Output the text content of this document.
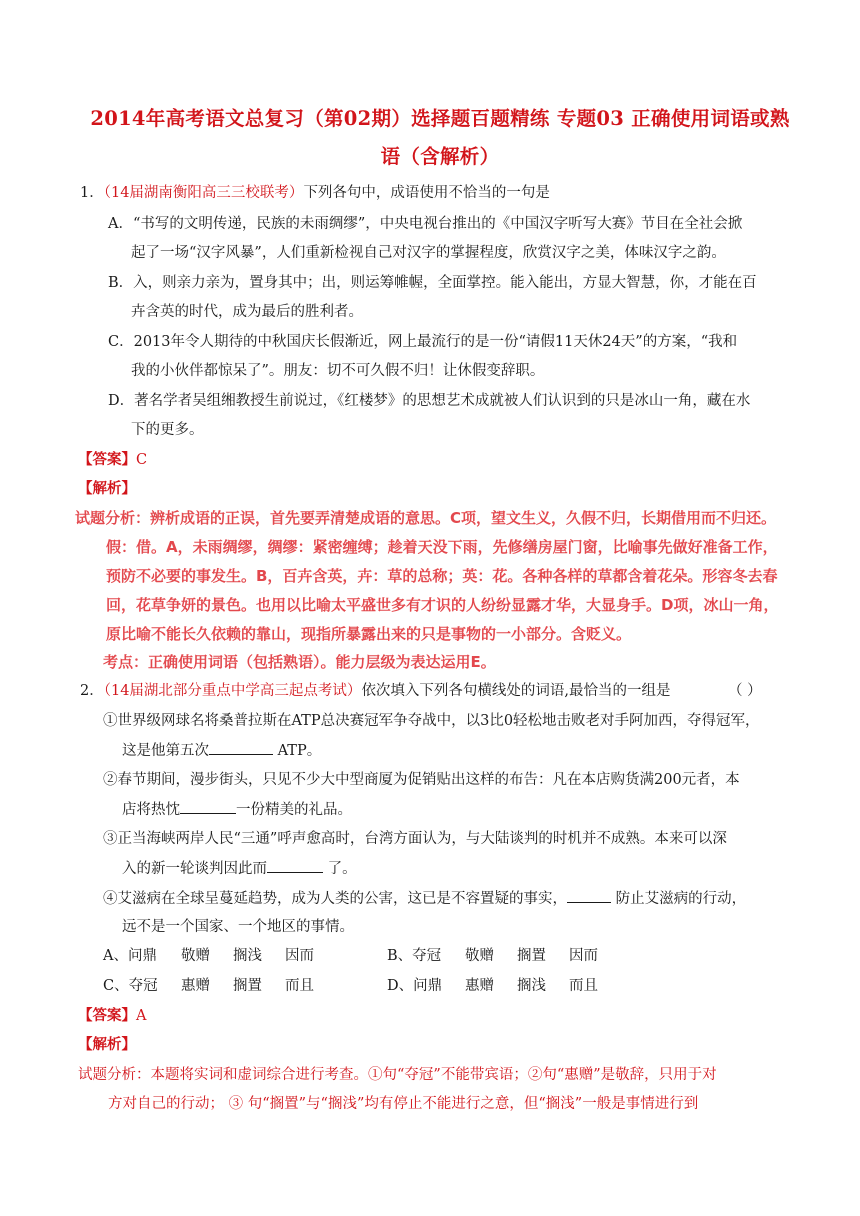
2014年高考语文总复习（第02期）选择题百题精练 专题03 正确使用词语或熟
语（含解析）
1．（14届湖南衡阳高三三校联考）下列各句中，成语使用不恰当的一句是
A．“书写的文明传递，民族的未雨绸缪”，中央电视台推出的《中国汉字听写大赛》节目在全社会掀
起了一场“汉字风暴”，人们重新检视自己对汉字的掌握程度，欣赏汉字之美，体味汉字之韵。
B．入，则亲力亲为，置身其中；出，则运筹帷幄，全面掌控。能入能出，方显大智慧，你，才能在百
卉含英的时代，成为最后的胜利者。
C．2013年令人期待的中秋国庆长假渐近，网上最流行的是一份“请假11天休24天”的方案，“我和
我的小伙伴都惊呆了”。朋友：切不可久假不归！让休假变辞职。
D．著名学者吴组缃教授生前说过，《红楼梦》的思想艺术成就被人们认识到的只是冰山一角，藏在水
下的更多。
【答案】C
【解析】
试题分析：辨析成语的正误，首先要弄清楚成语的意思。C项，望文生义，久假不归，长期借用而不归还。
假：借。A，未雨绸缪，绸缪：紧密缠缚；趁着天没下雨，先修缮房屋门窗，比喻事先做好准备工作，
预防不必要的事发生。B，百卉含英，卉：草的总称；英：花。各种各样的草都含着花朵。形容冬去春
回，花草争妍的景色。也用以比喻太平盛世多有才识的人纷纷显露才华，大显身手。D项，冰山一角，
原比喻不能长久依赖的靠山，现指所暴露出来的只是事物的一小部分。含贬义。
考点：正确使用词语（包括熟语）。能力层级为表达运用E。
2．（14届湖北部分重点中学高三起点考试）依次填入下列各句横线处的词语,最恰当的一组是	（ ）
①世界级网球名将桑普拉斯在ATP总决赛冠军争夺战中，以3比0轻松地击败老对手阿加西，夺得冠军，
这是他第五次	ATP。
②春节期间，漫步街头，只见不少大中型商厦为促销贴出这样的布告：凡在本店购货满200元者，本
店将热忱	一份精美的礼品。
③正当海峡两岸人民“三通”呼声愈高时，台湾方面认为，与大陆谈判的时机并不成熟。本来可以深
入的新一轮谈判因此而	了。
④艾滋病在全球呈蔓延趋势，成为人类的公害，这已是不容置疑的事实，	防止艾滋病的行动，
远不是一个国家、一个地区的事情。
A、问鼎 敬赠 搁浅 因而	B、夺冠 敬赠 搁置 因而
C、夺冠 惠赠 搁置 而且	D、问鼎 惠赠 搁浅 而且
【答案】A
【解析】
试题分析：本题将实词和虚词综合进行考查。①句“夺冠”不能带宾语；②句“惠赠”是敬辞，只用于对
方对自己的行动； ③ 句“搁置”与“搁浅”均有停止不能进行之意，但“搁浅”一般是事情进行到
